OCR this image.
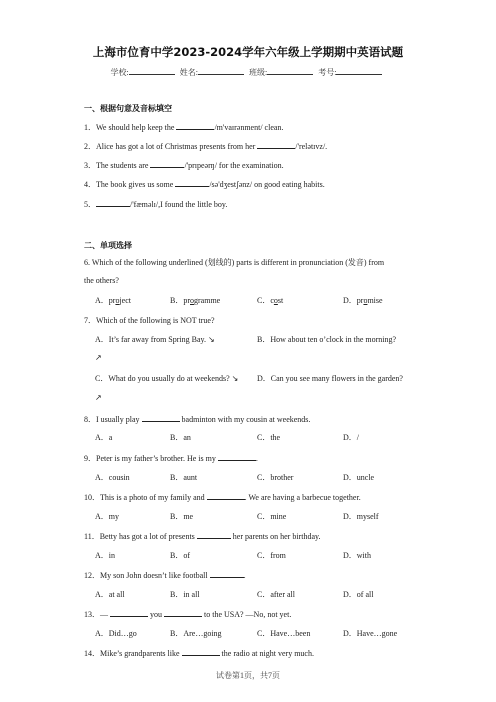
上海市位育中学2023-2024学年六年级上学期期中英语试题
学校:	姓名:	班级:	考号:
一、根据句意及音标填空
1．We should help keep the	/m'vaɪrənment/ clean.
2．Alice has got a lot of Christmas presents from her	/'relətɪvz/.
3．The students are	/'prɪpeərŋ/ for the examination.
4．The book gives us some	/sə'dʒestʃənz/ on good eating habits.
5．	/'fæməlɪ/,I found the little boy.
二、单项选择
6. Which of the following underlined (划线的) parts is different in pronunciation (发音) from
the others?
A．project	B．programme	C．cost	D．promise
7．Which of the following is NOT true?
A．It’s far away from Spring Bay. ↘	B．How about ten o’clock in the morning?
↗
C．What do you usually do at weekends? ↘ D．Can you see many flowers in the garden?
↗
8．I usually play	badminton with my cousin at weekends.
A．a	B．an	C．the	D．/
9．Peter is my father’s brother. He is my	.
A．cousin	B．aunt	C．brother	D．uncle
10．This is a photo of my family and	. We are having a barbecue together.
A．my	B．me	C．mine	D．myself
11．Betty has got a lot of presents	her parents on her birthday.
A．in	B．of	C．from	D．with
12．My son John doesn’t like football	.
A．at all	B．in all	C．after all	D．of all
13．—	you	to the USA? —No, not yet.
A．Did…go	B．Are…going	C．Have…been	D．Have…gone
14．Mike’s grandparents like	the radio at night very much.
试卷第1页，共7页
